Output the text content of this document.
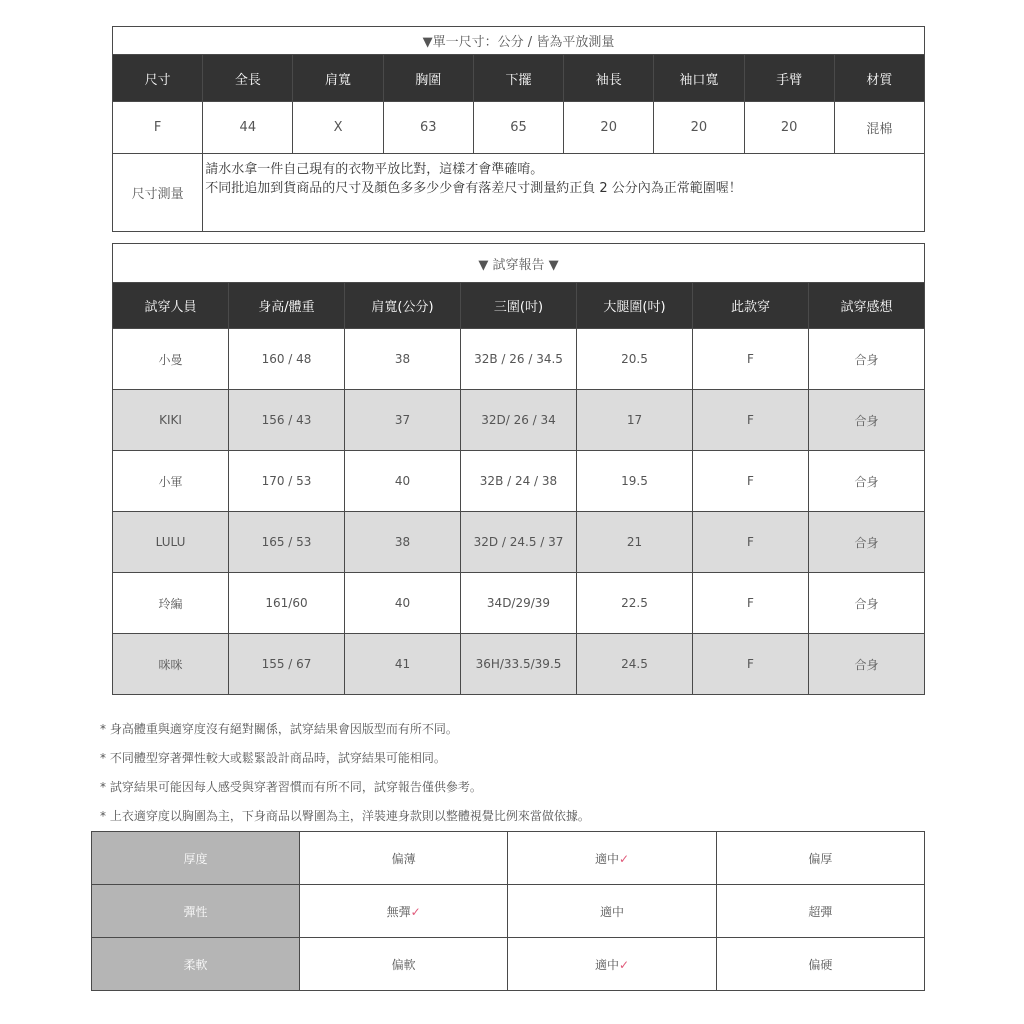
▼單一尺寸：公分 / 皆為平放測量								
尺寸	全長	肩寬	胸圍	下擺	袖長	袖口寬	手臂	材質
F	44	X	63	65	20	20	20	混棉
尺寸測量	請水水拿一件自己現有的衣物平放比對，這樣才會準確唷。
不同批追加到貨商品的尺寸及顏色多多少少會有落差尺寸測量約正負 2 公分內為正常範圍喔！							
▼ 試穿報告 ▼						
試穿人員	身高/體重	肩寬(公分)	三圍(吋)	大腿圍(吋)	此款穿	試穿感想
小曼	160 / 48	38	32B / 26 / 34.5	20.5	F	合身
KIKI	156 / 43	37	32D/ 26 / 34	17	F	合身
小軍	170 / 53	40	32B / 24 / 38	19.5	F	合身
LULU	165 / 53	38	32D / 24.5 / 37	21	F	合身
玲編	161/60	40	34D/29/39	22.5	F	合身
咪咪	155 / 67	41	36H/33.5/39.5	24.5	F	合身
* 身高體重與適穿度沒有絕對關係，試穿結果會因版型而有所不同。
* 不同體型穿著彈性較大或鬆緊設計商品時，試穿結果可能相同。
* 試穿結果可能因每人感受與穿著習慣而有所不同，試穿報告僅供參考。
* 上衣適穿度以胸圍為主，下身商品以臀圍為主，洋裝連身款則以整體視覺比例來當做依據。
厚度	偏薄	適中✓	偏厚
彈性	無彈✓	適中	超彈
柔軟	偏軟	適中✓	偏硬
